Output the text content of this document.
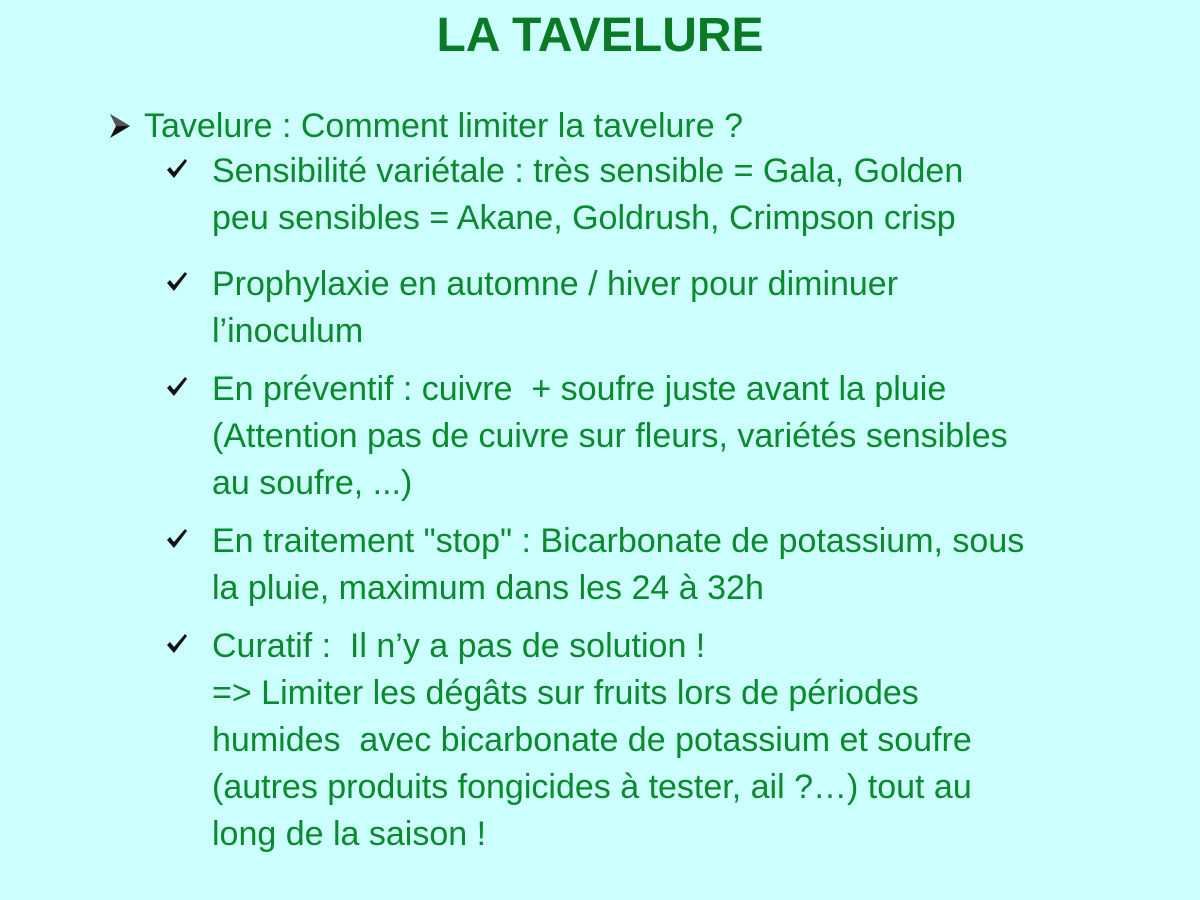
LA TAVELURE
Tavelure : Comment limiter la tavelure ?
Sensibilité variétale : très sensible = Gala, Golden
peu sensibles = Akane, Goldrush, Crimpson crisp
Prophylaxie en automne / hiver pour diminuer
l’inoculum
En préventif : cuivre  + soufre juste avant la pluie
(Attention pas de cuivre sur fleurs, variétés sensibles
au soufre, ...)
En traitement "stop" : Bicarbonate de potassium, sous
la pluie, maximum dans les 24 à 32h
Curatif :  Il n’y a pas de solution !
=> Limiter les dégâts sur fruits lors de périodes
humides  avec bicarbonate de potassium et soufre
(autres produits fongicides à tester, ail ?…) tout au
long de la saison !
